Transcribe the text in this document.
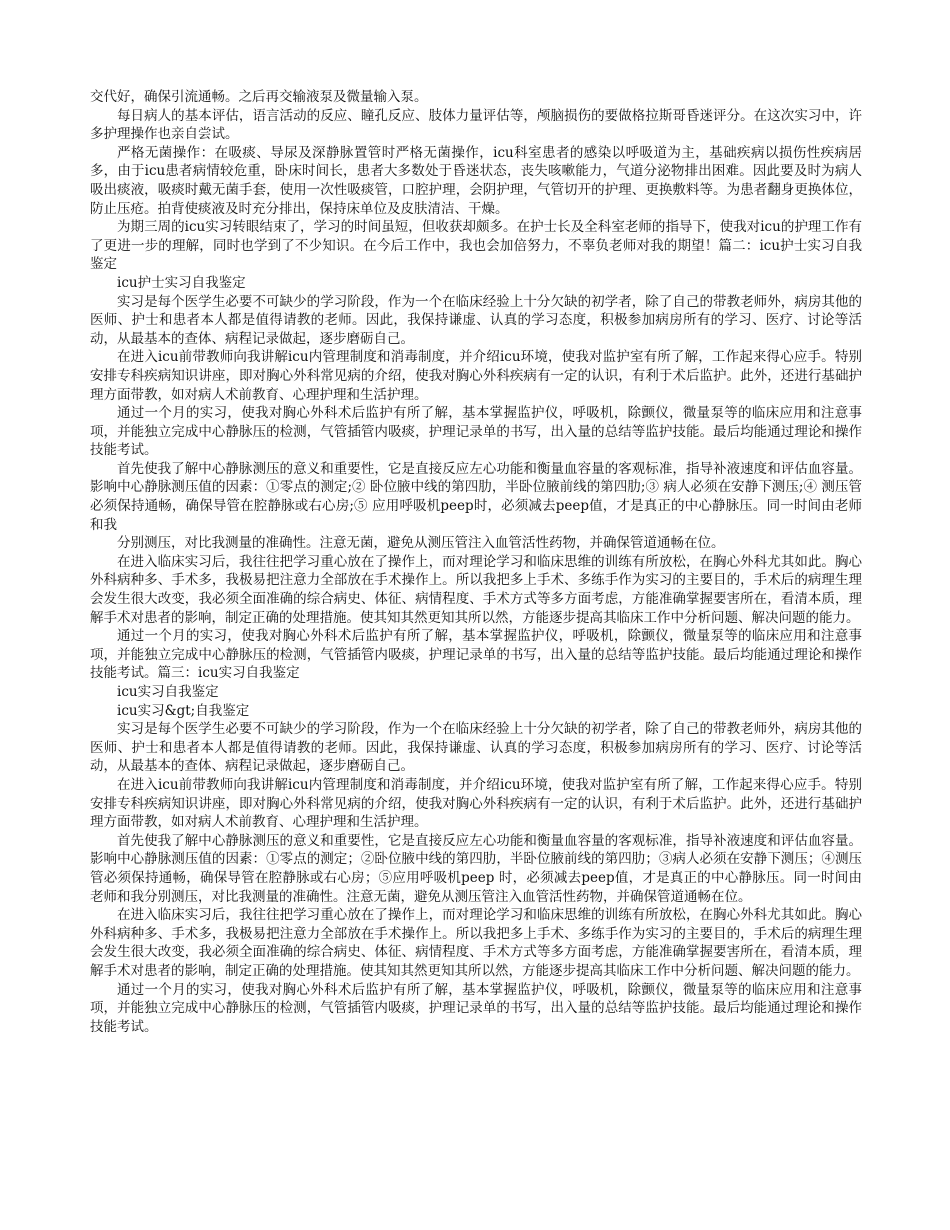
交代好，确保引流通畅。之后再交输液泵及微量输入泵。

每日病人的基本评估，语言活动的反应、瞳孔反应、肢体力量评估等，颅脑损伤的要做格拉斯哥昏迷评分。在这次实习中，许多护理操作也亲自尝试。

严格无菌操作：在吸痰、导尿及深静脉置管时严格无菌操作，icu科室患者的感染以呼吸道为主，基础疾病以损伤性疾病居多，由于icu患者病情较危重，卧床时间长，患者大多数处于昏迷状态，丧失咳嗽能力，气道分泌物排出困难。因此要及时为病人吸出痰液，吸痰时戴无菌手套，使用一次性吸痰管，口腔护理，会阴护理，气管切开的护理、更换敷料等。为患者翻身更换体位，防止压疮。拍背使痰液及时充分排出，保持床单位及皮肤清洁、干燥。

为期三周的icu实习转眼结束了，学习的时间虽短，但收获却颇多。在护士长及全科室老师的指导下，使我对icu的护理工作有了更进一步的理解，同时也学到了不少知识。在今后工作中，我也会加倍努力，不辜负老师对我的期望！篇二：icu护士实习自我鉴定

icu护士实习自我鉴定

实习是每个医学生必要不可缺少的学习阶段，作为一个在临床经验上十分欠缺的初学者，除了自己的带教老师外，病房其他的医师、护士和患者本人都是值得请教的老师。因此，我保持谦虚、认真的学习态度，积极参加病房所有的学习、医疗、讨论等活动，从最基本的查体、病程记录做起，逐步磨砺自己。

在进入icu前带教师向我讲解icu内管理制度和消毒制度，并介绍icu环境，使我对监护室有所了解，工作起来得心应手。特别安排专科疾病知识讲座，即对胸心外科常见病的介绍，使我对胸心外科疾病有一定的认识，有利于术后监护。此外，还进行基础护理方面带教，如对病人术前教育、心理护理和生活护理。

通过一个月的实习，使我对胸心外科术后监护有所了解，基本掌握监护仪，呼吸机，除颤仪，微量泵等的临床应用和注意事项，并能独立完成中心静脉压的检测，气管插管内吸痰，护理记录单的书写，出入量的总结等监护技能。最后均能通过理论和操作技能考试。

首先使我了解中心静脉测压的意义和重要性，它是直接反应左心功能和衡量血容量的客观标准，指导补液速度和评估血容量。影响中心静脉测压值的因素：①零点的测定;② 卧位腋中线的第四肋，半卧位腋前线的第四肋;③ 病人必须在安静下测压;④ 测压管必须保持通畅，确保导管在腔静脉或右心房;⑤ 应用呼吸机peep时，必须减去peep值，才是真正的中心静脉压。同一时间由老师和我

分别测压，对比我测量的准确性。注意无菌，避免从测压管注入血管活性药物，并确保管道通畅在位。

在进入临床实习后，我往往把学习重心放在了操作上，而对理论学习和临床思维的训练有所放松，在胸心外科尤其如此。胸心外科病种多、手术多，我极易把注意力全部放在手术操作上。所以我把多上手术、多练手作为实习的主要目的，手术后的病理生理会发生很大改变，我必须全面准确的综合病史、体征、病情程度、手术方式等多方面考虑，方能准确掌握要害所在，看清本质，理解手术对患者的影响，制定正确的处理措施。使其知其然更知其所以然，方能逐步提高其临床工作中分析问题、解决问题的能力。

通过一个月的实习，使我对胸心外科术后监护有所了解，基本掌握监护仪，呼吸机，除颤仪，微量泵等的临床应用和注意事项，并能独立完成中心静脉压的检测，气管插管内吸痰，护理记录单的书写，出入量的总结等监护技能。最后均能通过理论和操作技能考试。篇三：icu实习自我鉴定

icu实习自我鉴定

icu实习&gt;自我鉴定

实习是每个医学生必要不可缺少的学习阶段，作为一个在临床经验上十分欠缺的初学者，除了自己的带教老师外，病房其他的医师、护士和患者本人都是值得请教的老师。因此，我保持谦虚、认真的学习态度，积极参加病房所有的学习、医疗、讨论等活动，从最基本的查体、病程记录做起，逐步磨砺自己。

在进入icu前带教师向我讲解icu内管理制度和消毒制度，并介绍icu环境，使我对监护室有所了解，工作起来得心应手。特别安排专科疾病知识讲座，即对胸心外科常见病的介绍，使我对胸心外科疾病有一定的认识，有利于术后监护。此外，还进行基础护理方面带教，如对病人术前教育、心理护理和生活护理。

首先使我了解中心静脉测压的意义和重要性，它是直接反应左心功能和衡量血容量的客观标准，指导补液速度和评估血容量。影响中心静脉测压值的因素：①零点的测定；②卧位腋中线的第四肋，半卧位腋前线的第四肋；③病人必须在安静下测压；④测压管必须保持通畅，确保导管在腔静脉或右心房；⑤应用呼吸机peep 时，必须减去peep值，才是真正的中心静脉压。同一时间由老师和我分别测压，对比我测量的准确性。注意无菌，避免从测压管注入血管活性药物，并确保管道通畅在位。

在进入临床实习后，我往往把学习重心放在了操作上，而对理论学习和临床思维的训练有所放松，在胸心外科尤其如此。胸心外科病种多、手术多，我极易把注意力全部放在手术操作上。所以我把多上手术、多练手作为实习的主要目的，手术后的病理生理会发生很大改变，我必须全面准确的综合病史、体征、病情程度、手术方式等多方面考虑，方能准确掌握要害所在，看清本质，理解手术对患者的影响，制定正确的处理措施。使其知其然更知其所以然，方能逐步提高其临床工作中分析问题、解决问题的能力。

通过一个月的实习，使我对胸心外科术后监护有所了解，基本掌握监护仪，呼吸机，除颤仪，微量泵等的临床应用和注意事项，并能独立完成中心静脉压的检测，气管插管内吸痰，护理记录单的书写，出入量的总结等监护技能。最后均能通过理论和操作技能考试。
